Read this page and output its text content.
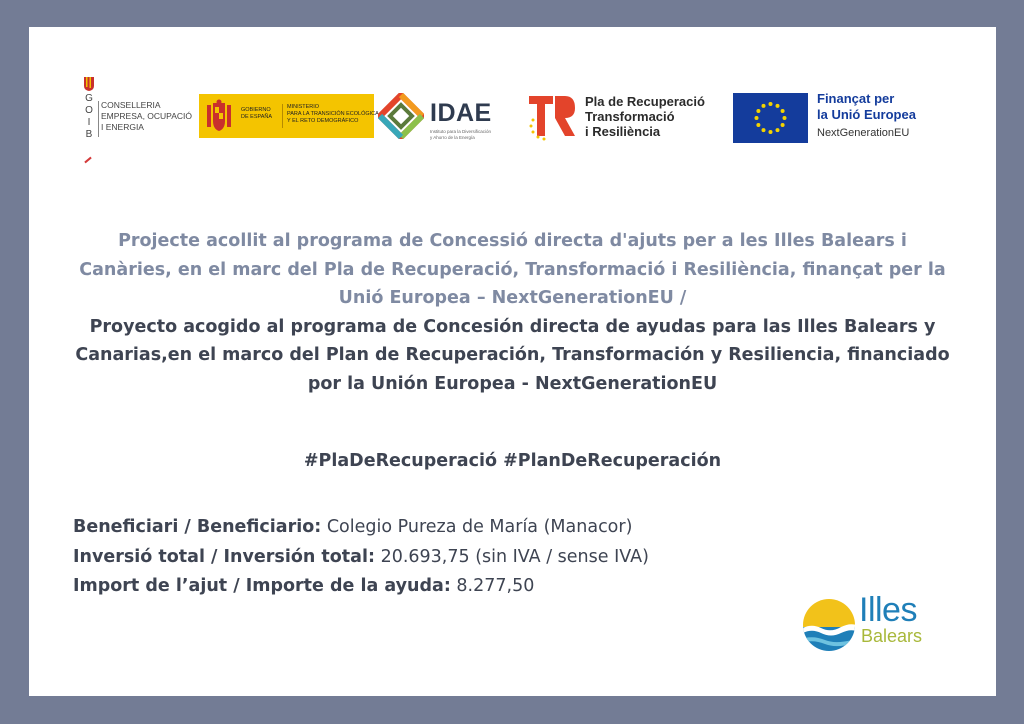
G
O
I
B
CONSELLERIA
EMPRESA, OCUPACIÓ
I ENERGIA
GOBIERNO
DE ESPAÑA
MINISTERIO
PARA LA TRANSICIÓN ECOLÓGICA
Y EL RETO DEMOGRÁFICO	IDAE
Instituto para la Diversificación
y Ahorro de la Energía
Pla de Recuperació
Transformació
i Resiliència
Finançat per
la Unió Europea
NextGenerationEU
Projecte acollit al programa de Concessió directa d'ajuts per a les Illes Balears i Canàries, en el marc del Pla de Recuperació, Transformació i Resiliència, finançat per la Unió Europea – NextGenerationEU /
Proyecto acogido al programa de Concesión directa de ayudas para las Illes Balears y Canarias,en el marco del Plan de Recuperación, Transformación y Resiliencia, financiado por la Unión Europea - NextGenerationEU
#PlaDeRecuperació #PlanDeRecuperación
Beneficiari / Beneficiario: Colegio Pureza de María (Manacor)
Inversió total / Inversión total: 20.693,75 (sin IVA / sense IVA)
Import de l’ajut / Importe de la ayuda: 8.277,50
Illes
Balears
